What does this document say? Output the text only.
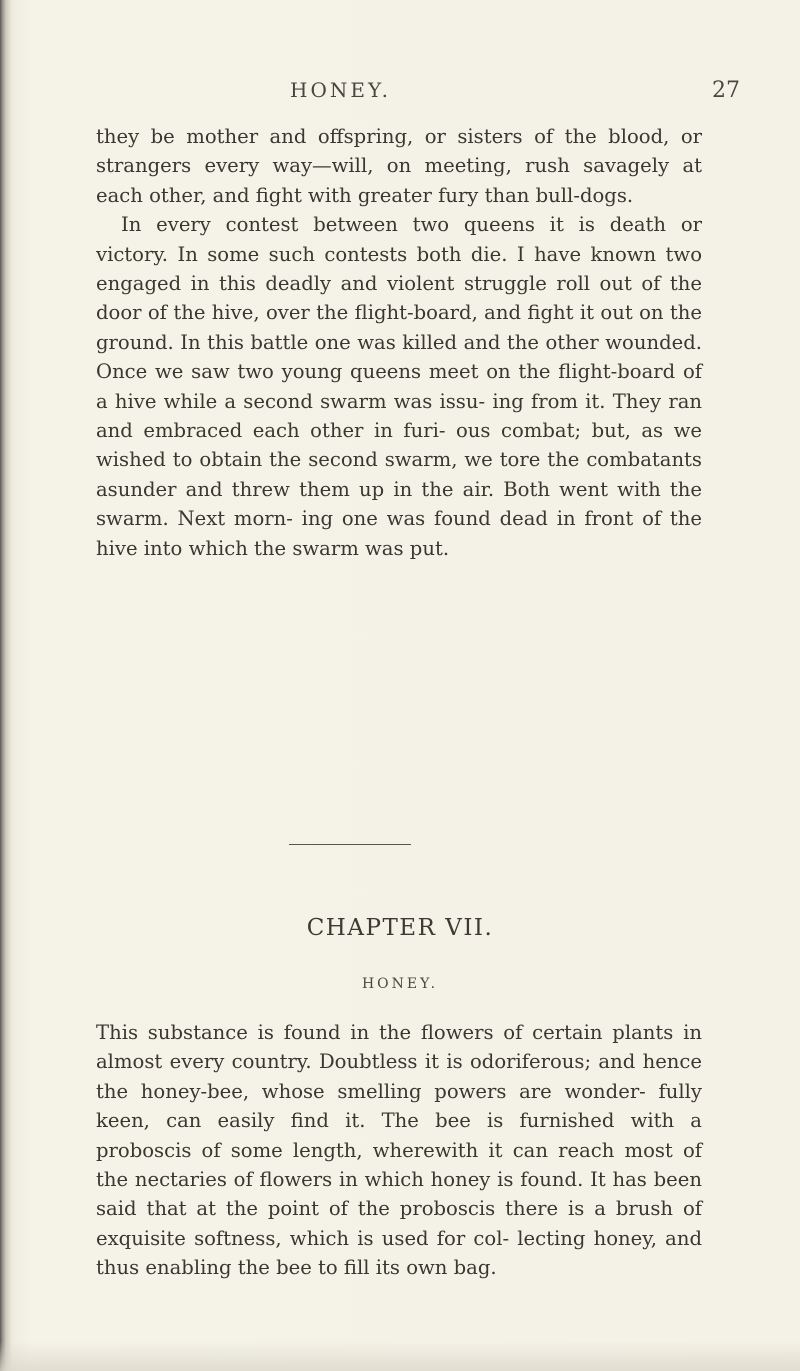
HONEY.	27

they be mother and offspring, or sisters of the blood, or strangers every way—will, on meeting, rush savagely at each other, and fight with greater fury than bull-dogs.

In every contest between two queens it is death or victory. In some such contests both die. I have known two engaged in this deadly and violent struggle roll out of the door of the hive, over the flight-board, and fight it out on the ground. In this battle one was killed and the other wounded. Once we saw two young queens meet on the flight-board of a hive while a second swarm was issu- ing from it. They ran and embraced each other in furi- ous combat; but, as we wished to obtain the second swarm, we tore the combatants asunder and threw them up in the air. Both went with the swarm. Next morn- ing one was found dead in front of the hive into which the swarm was put.

CHAPTER VII.
HONEY.

This substance is found in the flowers of certain plants in almost every country. Doubtless it is odoriferous; and hence the honey-bee, whose smelling powers are wonder- fully keen, can easily find it. The bee is furnished with a proboscis of some length, wherewith it can reach most of the nectaries of flowers in which honey is found. It has been said that at the point of the proboscis there is a brush of exquisite softness, which is used for col- lecting honey, and thus enabling the bee to fill its own bag.
